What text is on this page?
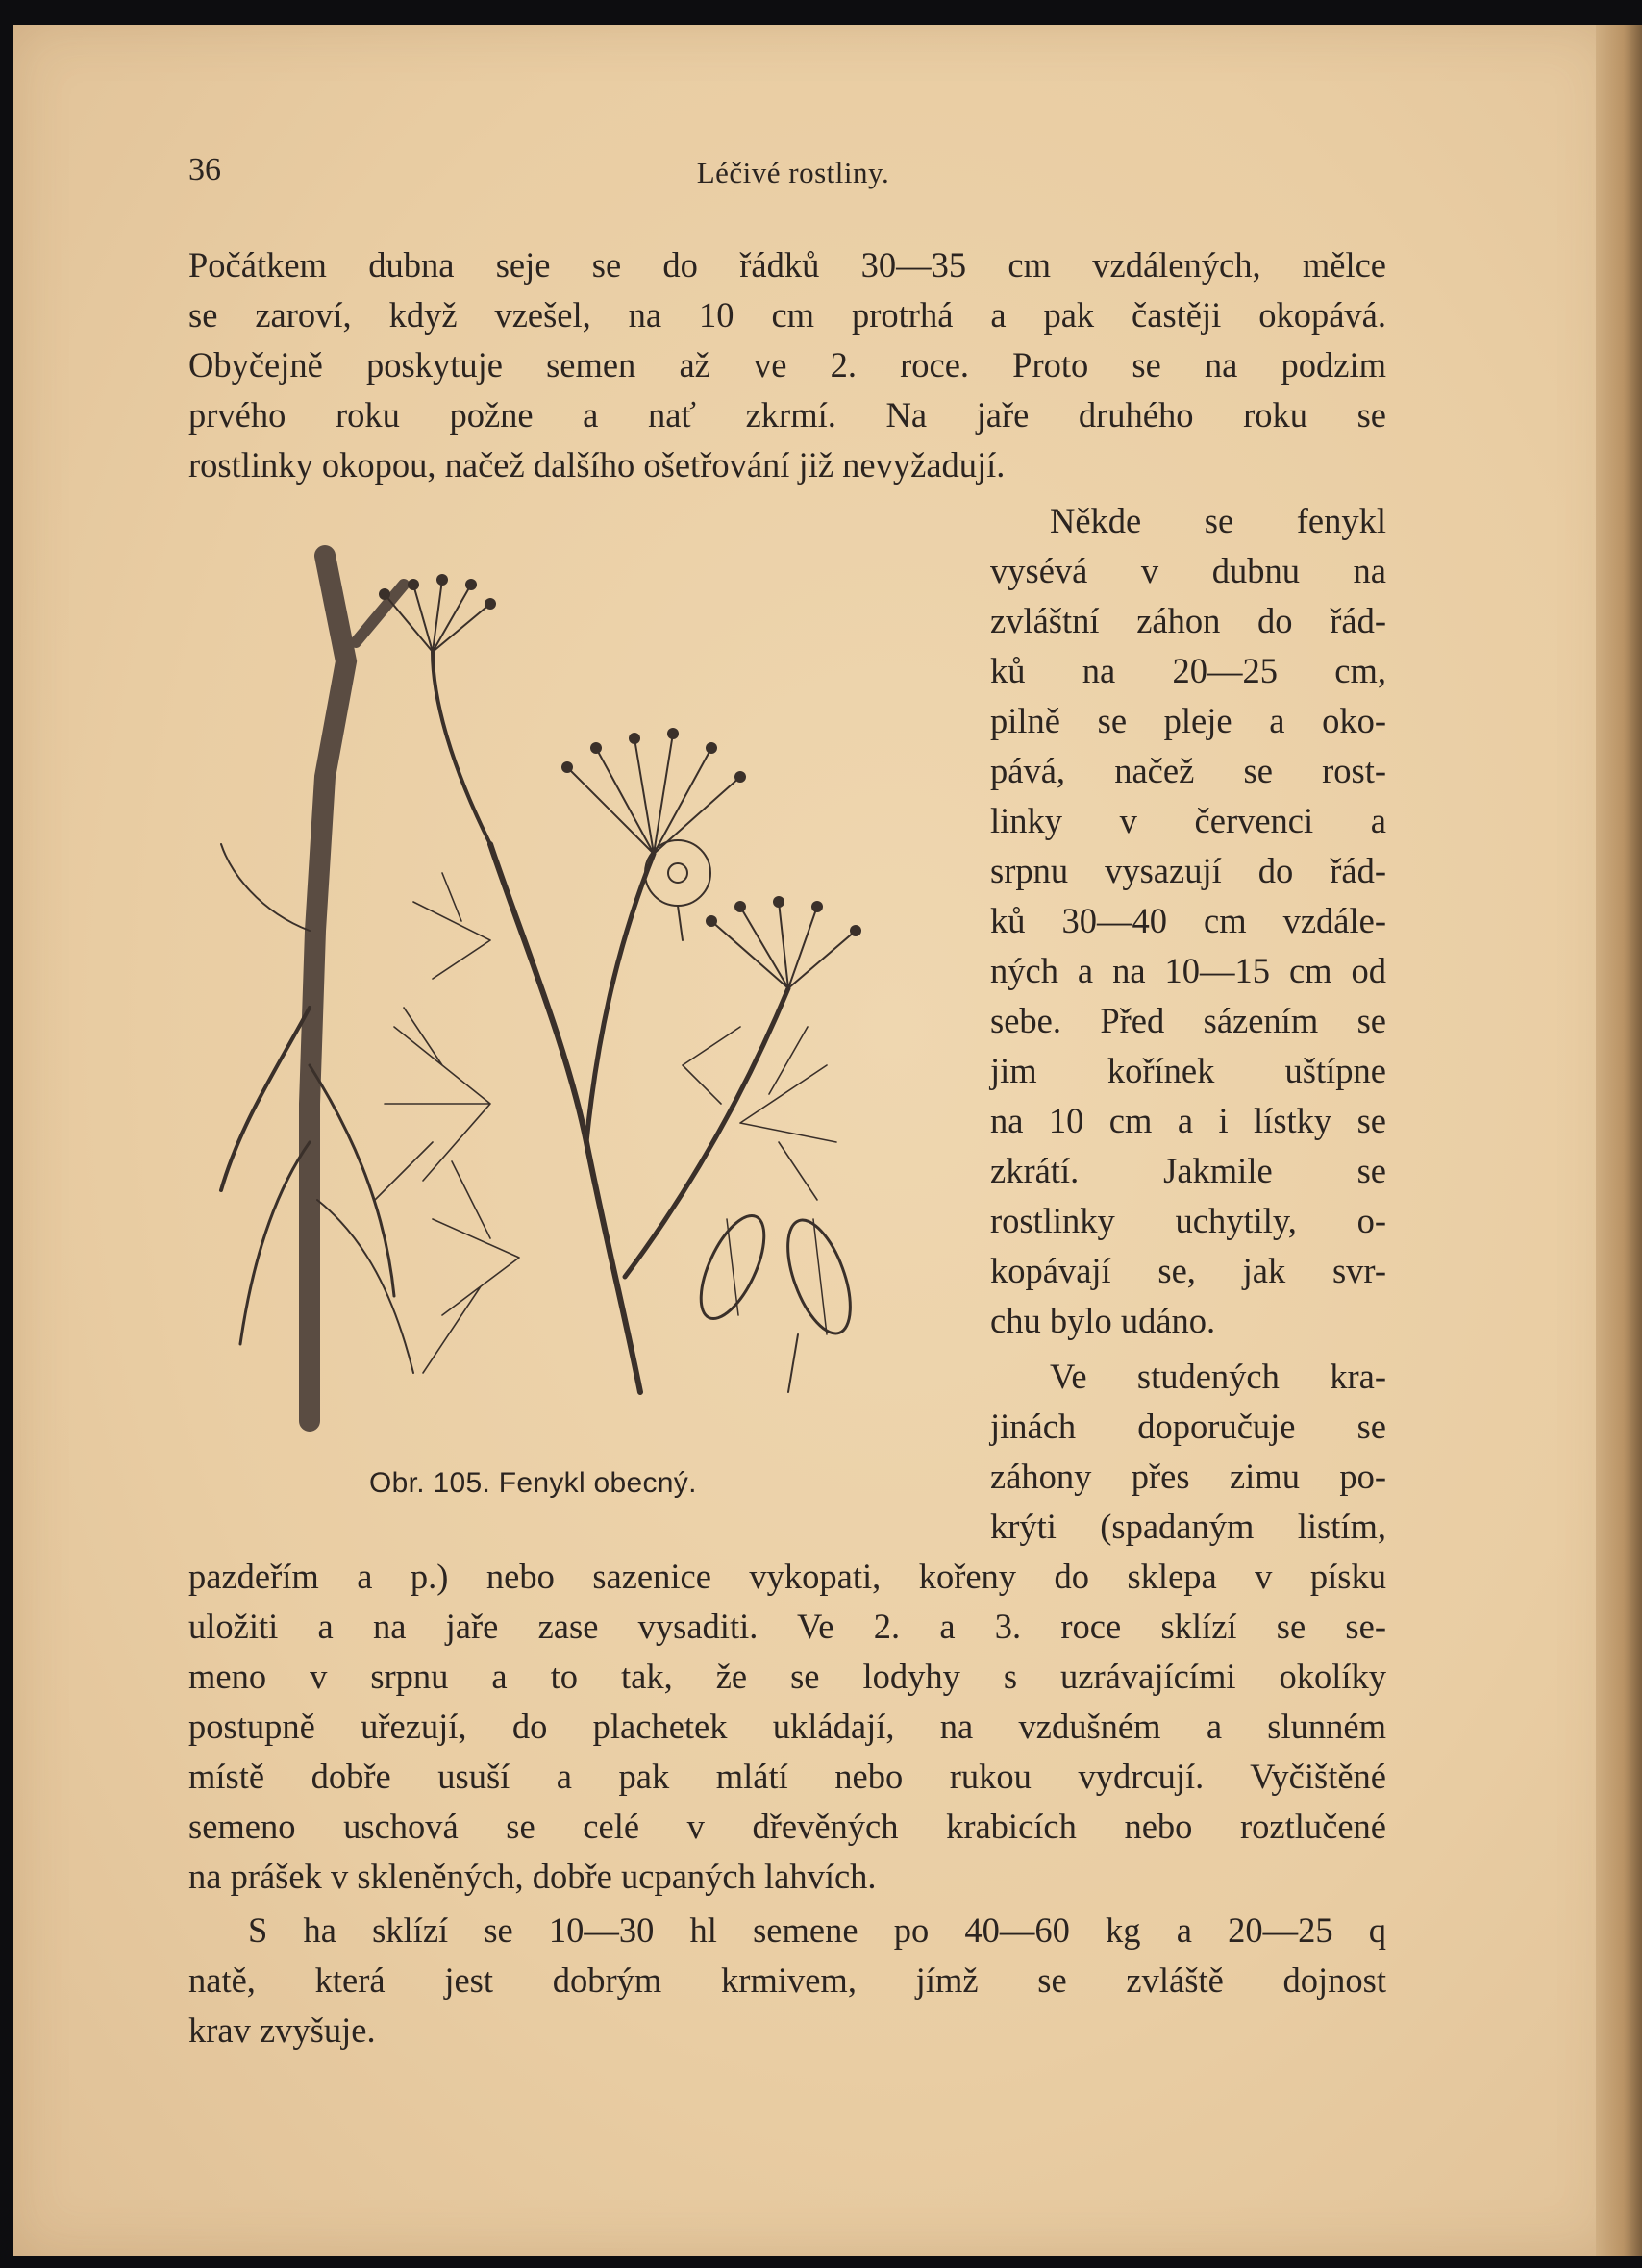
36	Léčivé rostliny.
Počátkem dubna seje se do řádků 30—35 cm vzdálených, mělce
se zaroví, když vzešel, na 10 cm protrhá a pak častěji okopává.
Obyčejně poskytuje semen až ve 2. roce. Proto se na podzim
prvého roku požne a nať zkrmí. Na jaře druhého roku se
rostlinky okopou, načež dalšího ošetřování již nevyžadují.
Někde se fenykl
vysévá v dubnu na
zvláštní záhon do řád-
ků na 20—25 cm,
pilně se pleje a oko-
pává, načež se rost-
linky v červenci a
srpnu vysazují do řád-
ků 30—40 cm vzdále-
ných a na 10—15 cm od
sebe. Před sázením se
jim kořínek uštípne
na 10 cm a i lístky se
zkrátí. Jakmile se
rostlinky uchytily, o-
kopávají se, jak svr-
chu bylo udáno.
Ve studených kra-
jinách doporučuje se
záhony přes zimu po-
krýti (spadaným listím,
pazdeřím a p.) nebo sazenice vykopati, kořeny do sklepa v písku
uložiti a na jaře zase vysaditi. Ve 2. a 3. roce sklízí se se-
meno v srpnu a to tak, že se lodyhy s uzrávajícími okolíky
postupně uřezují, do plachetek ukládají, na vzdušném a slunném
místě dobře usuší a pak mlátí nebo rukou vydrcují. Vyčištěné
semeno uschová se celé v dřevěných krabicích nebo roztlučené
na prášek v skleněných, dobře ucpaných lahvích.
S ha sklízí se 10—30 hl semene po 40—60 kg a 20—25 q
natě, která jest dobrým krmivem, jímž se zvláště dojnost
krav zvyšuje.
Obr. 105. Fenykl obecný.
